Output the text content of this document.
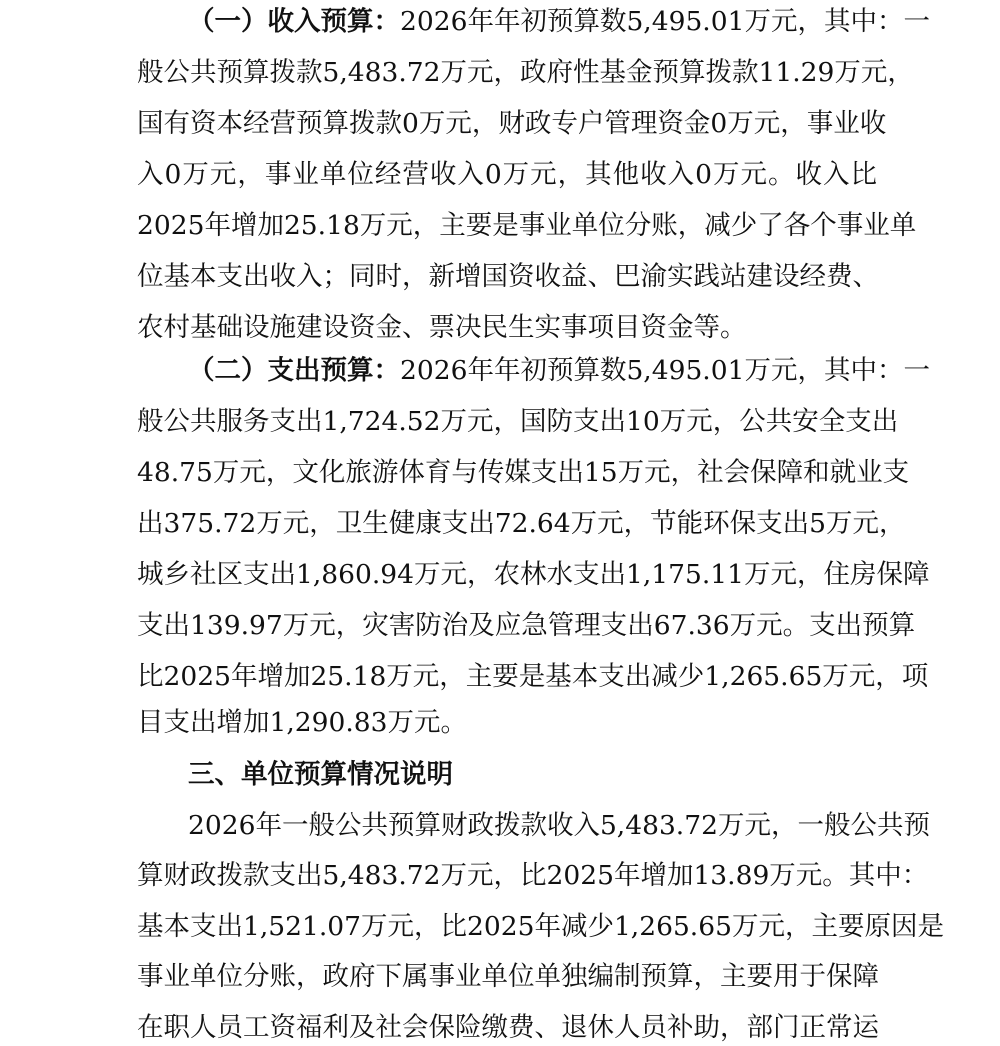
（一）收入预算：2026年年初预算数5,495.01万元，其中：一
般公共预算拨款5,483.72万元，政府性基金预算拨款11.29万元，
国有资本经营预算拨款0万元，财政专户管理资金0万元，事业收
入0万元，事业单位经营收入0万元，其他收入0万元。收入比
2025年增加25.18万元，主要是事业单位分账，减少了各个事业单
位基本支出收入；同时，新增国资收益、巴渝实践站建设经费、
农村基础设施建设资金、票决民生实事项目资金等。
（二）支出预算：2026年年初预算数5,495.01万元，其中：一
般公共服务支出1,724.52万元，国防支出10万元，公共安全支出
48.75万元，文化旅游体育与传媒支出15万元，社会保障和就业支
出375.72万元，卫生健康支出72.64万元，节能环保支出5万元，
城乡社区支出1,860.94万元，农林水支出1,175.11万元，住房保障
支出139.97万元，灾害防治及应急管理支出67.36万元。支出预算
比2025年增加25.18万元，主要是基本支出减少1,265.65万元，项
目支出增加1,290.83万元。
三、单位预算情况说明
2026年一般公共预算财政拨款收入5,483.72万元，一般公共预
算财政拨款支出5,483.72万元，比2025年增加13.89万元。其中：
基本支出1,521.07万元，比2025年减少1,265.65万元，主要原因是
事业单位分账，政府下属事业单位单独编制预算，主要用于保障
在职人员工资福利及社会保险缴费、退休人员补助，部门正常运
